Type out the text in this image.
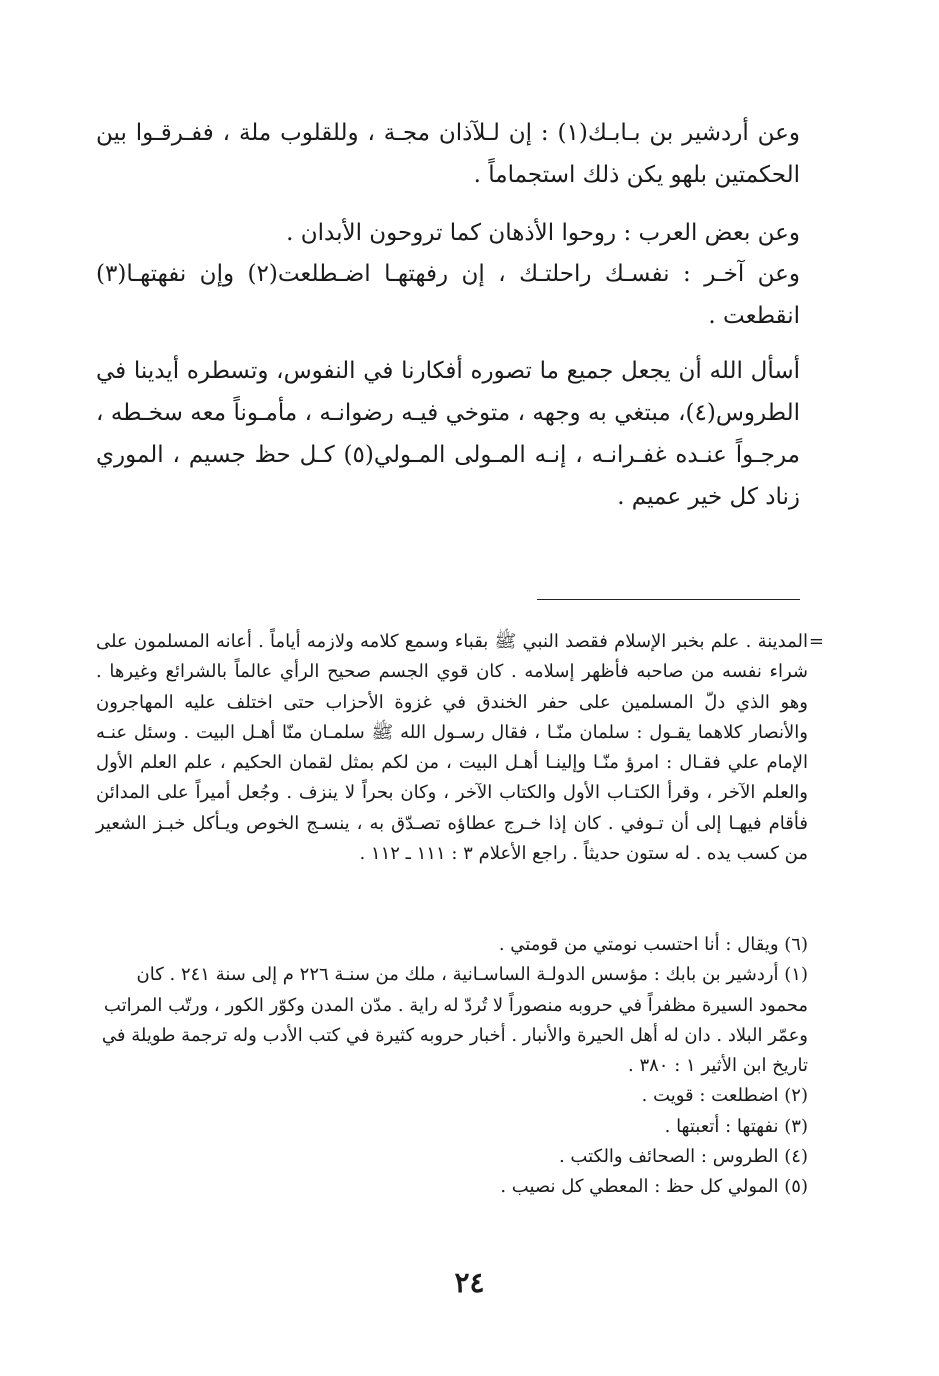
وعن أردشير بن بـابـك(١) : إن لـلآذان مجـة ، وللقلوب ملة ، ففـرقـوا بين الحكمتين بلهو يكن ذلك استجماماً .

وعن بعض العرب : روحوا الأذهان كما تروحون الأبدان .

وعن آخـر : نفسـك راحلتـك ، إن رفهتهـا اضـطلعت(٢) وإن نفهتهـا(٣) انقطعت .

أسأل الله أن يجعل جميع ما تصوره أفكارنا في النفوس، وتسطره أيدينا في الطروس(٤)، مبتغي به وجهه ، متوخي فيـه رضوانـه ، مأمـوناً معه سخـطه ، مرجـواً عنـده غفـرانـه ، إنـه المـولى المـولي(٥) كـل حظ جسيم ، الموري زناد كل خير عميم .

=

المدينة . علم بخبر الإسلام فقصد النبي ﷺ بقباء وسمع كلامه ولازمه أياماً . أعانه المسلمون على شراء نفسه من صاحبه فأظهر إسلامه . كان قوي الجسم صحيح الرأي عالماً بالشرائع وغيرها . وهو الذي دلّ المسلمين على حفر الخندق في غزوة الأحزاب حتى اختلف عليه المهاجرون والأنصار كلاهما يقـول : سلمان منّـا ، فقال رسـول الله ﷺ سلمـان منّا أهـل البيت . وسئل عنـه الإمام علي فقـال : امرؤ منّـا وإلينـا أهـل البيت ، من لكم بمثل لقمان الحكيم ، علم العلم الأول والعلم الآخر ، وقرأ الكتـاب الأول والكتاب الآخر ، وكان بحراً لا ينزف . وجُعل أميراً على المدائن فأقام فيهـا إلى أن تـوفي . كان إذا خـرج عطاؤه تصـدّق به ، ينسـج الخوص ويـأكل خبـز الشعير من كسب يده . له ستون حديثاً . راجع الأعلام ٣ : ١١١ ـ ١١٢ .

(٦) ويقال : أنا احتسب نومتي من قومتي .
(١) أردشير بن بابك : مؤسس الدولـة الساسـانية ، ملك من سنـة ٢٢٦ م إلى سنة ٢٤١ . كان محمود السيرة مظفراً في حروبه منصوراً لا تُردّ له راية . مدّن المدن وكوّر الكور ، ورتّب المراتب وعمّر البلاد . دان له أهل الحيرة والأنبار . أخبار حروبه كثيرة في كتب الأدب وله ترجمة طويلة في تاريخ ابن الأثير ١ : ٣٨٠ .
(٢) اضطلعت : قويت .
(٣) نفهتها : أتعبتها .
(٤) الطروس : الصحائف والكتب .
(٥) المولي كل حظ : المعطي كل نصيب .
٢٤
